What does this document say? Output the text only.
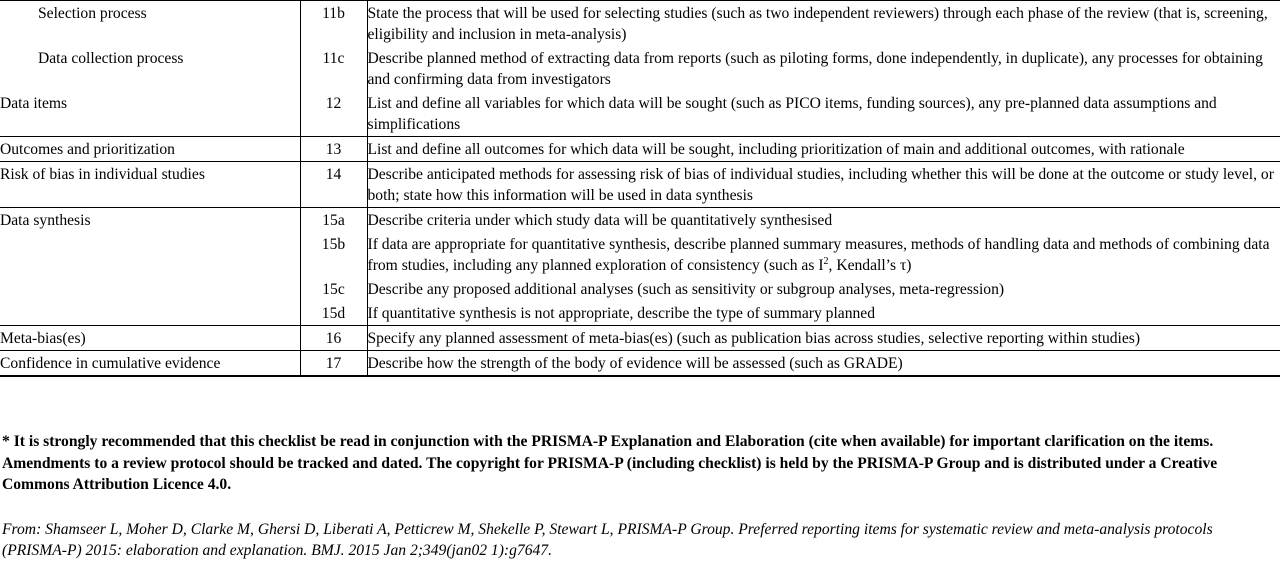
Selection process	11b	State the process that will be used for selecting studies (such as two independent reviewers) through each phase of the review (that is, screening, eligibility and inclusion in meta-analysis)
Data collection process	11c	Describe planned method of extracting data from reports (such as piloting forms, done independently, in duplicate), any processes for obtaining and confirming data from investigators
Data items	12	List and define all variables for which data will be sought (such as PICO items, funding sources), any pre-planned data assumptions and simplifications
Outcomes and prioritization	13	List and define all outcomes for which data will be sought, including prioritization of main and additional outcomes, with rationale
Risk of bias in individual studies	14	Describe anticipated methods for assessing risk of bias of individual studies, including whether this will be done at the outcome or study level, or both; state how this information will be used in data synthesis
Data synthesis	15a	Describe criteria under which study data will be quantitatively synthesised
	15b	If data are appropriate for quantitative synthesis, describe planned summary measures, methods of handling data and methods of combining data from studies, including any planned exploration of consistency (such as $I^2$, Kendall’s τ)
	15c	Describe any proposed additional analyses (such as sensitivity or subgroup analyses, meta-regression)
	15d	If quantitative synthesis is not appropriate, describe the type of summary planned
Meta-bias(es)	16	Specify any planned assessment of meta-bias(es) (such as publication bias across studies, selective reporting within studies)
Confidence in cumulative evidence	17	Describe how the strength of the body of evidence will be assessed (such as GRADE)
* It is strongly recommended that this checklist be read in conjunction with the PRISMA-P Explanation and Elaboration (cite when available) for important clarification on the items. Amendments to a review protocol should be tracked and dated. The copyright for PRISMA-P (including checklist) is held by the PRISMA-P Group and is distributed under a Creative Commons Attribution Licence 4.0.
From: Shamseer L, Moher D, Clarke M, Ghersi D, Liberati A, Petticrew M, Shekelle P, Stewart L, PRISMA-P Group. Preferred reporting items for systematic review and meta-analysis protocols (PRISMA-P) 2015: elaboration and explanation. BMJ. 2015 Jan 2;349(jan02 1):g7647.
